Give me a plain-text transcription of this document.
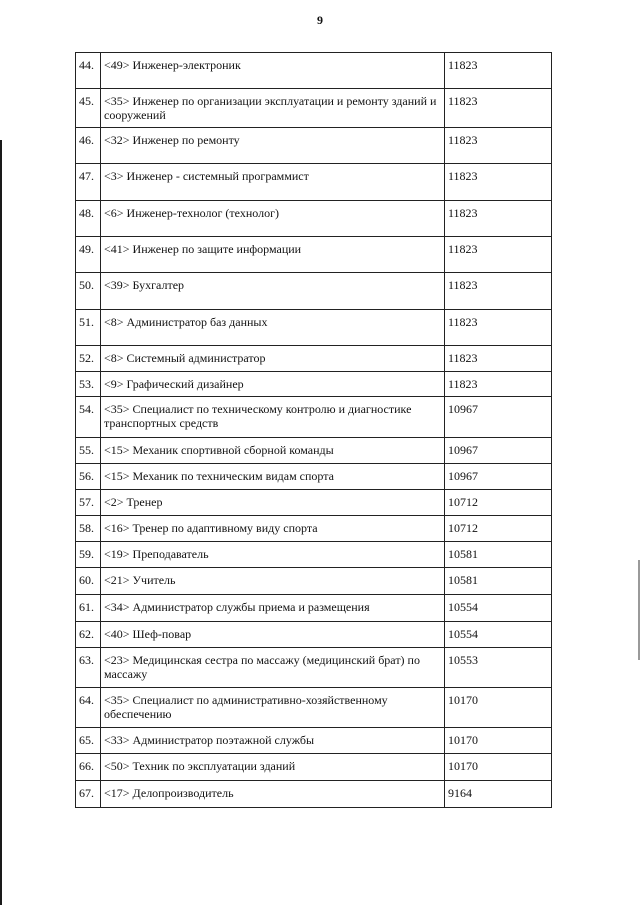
9
44.	<49> Инженер-электроник	11823
45.	<35> Инженер по организации эксплуатации и ремонту зданий и сооружений	11823
46.	<32> Инженер по ремонту	11823
47.	<3> Инженер - системный программист	11823
48.	<6> Инженер-технолог (технолог)	11823
49.	<41> Инженер по защите информации	11823
50.	<39> Бухгалтер	11823
51.	<8> Администратор баз данных	11823
52.	<8> Системный администратор	11823
53.	<9> Графический дизайнер	11823
54.	<35> Специалист по техническому контролю и диагностике транспортных средств	10967
55.	<15> Механик спортивной сборной команды	10967
56.	<15> Механик по техническим видам спорта	10967
57.	<2> Тренер	10712
58.	<16> Тренер по адаптивному виду спорта	10712
59.	<19> Преподаватель	10581
60.	<21> Учитель	10581
61.	<34> Администратор службы приема и размещения	10554
62.	<40> Шеф-повар	10554
63.	<23> Медицинская сестра по массажу (медицинский брат) по массажу	10553
64.	<35> Специалист по административно-хозяйственному обеспечению	10170
65.	<33> Администратор поэтажной службы	10170
66.	<50> Техник по эксплуатации зданий	10170
67.	<17> Делопроизводитель	9164
